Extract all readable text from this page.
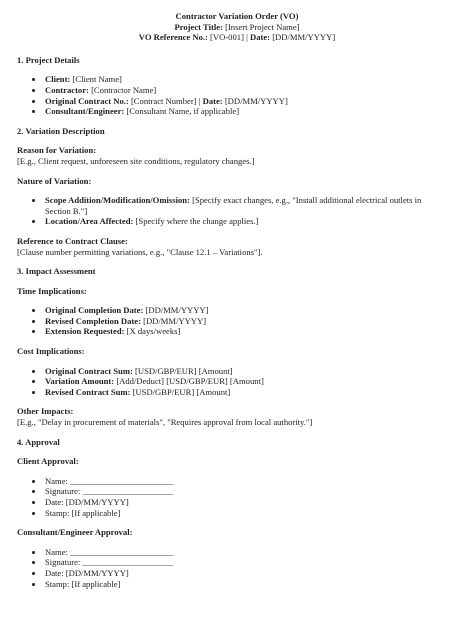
Contractor Variation Order (VO)
Project Title: [Insert Project Name]
VO Reference No.: [VO-001] | Date: [DD/MM/YYYY]

1. Project Details

Client: [Client Name]
Contractor: [Contractor Name]
Original Contract No.: [Contract Number] | Date: [DD/MM/YYYY]
Consultant/Engineer: [Consultant Name, if applicable]

2. Variation Description

Reason for Variation:

[E.g., Client request, unforeseen site conditions, regulatory changes.]

Nature of Variation:

Scope Addition/Modification/Omission: [Specify exact changes, e.g., "Install additional electrical outlets in Section B."]
Location/Area Affected: [Specify where the change applies.]

Reference to Contract Clause:

[Clause number permitting variations, e.g., "Clause 12.1 – Variations"].

3. Impact Assessment

Time Implications:

Original Completion Date: [DD/MM/YYYY]
Revised Completion Date: [DD/MM/YYYY]
Extension Requested: [X days/weeks]

Cost Implications:

Original Contract Sum: [USD/GBP/EUR] [Amount]
Variation Amount: [Add/Deduct] [USD/GBP/EUR] [Amount]
Revised Contract Sum: [USD/GBP/EUR] [Amount]

Other Impacts:

[E.g., "Delay in procurement of materials", "Requires approval from local authority."]

4. Approval

Client Approval:

Name: ________________________
Signature: _____________________
Date: [DD/MM/YYYY]
Stamp: [If applicable]

Consultant/Engineer Approval:

Name: ________________________
Signature: _____________________
Date: [DD/MM/YYYY]
Stamp: [If applicable]
